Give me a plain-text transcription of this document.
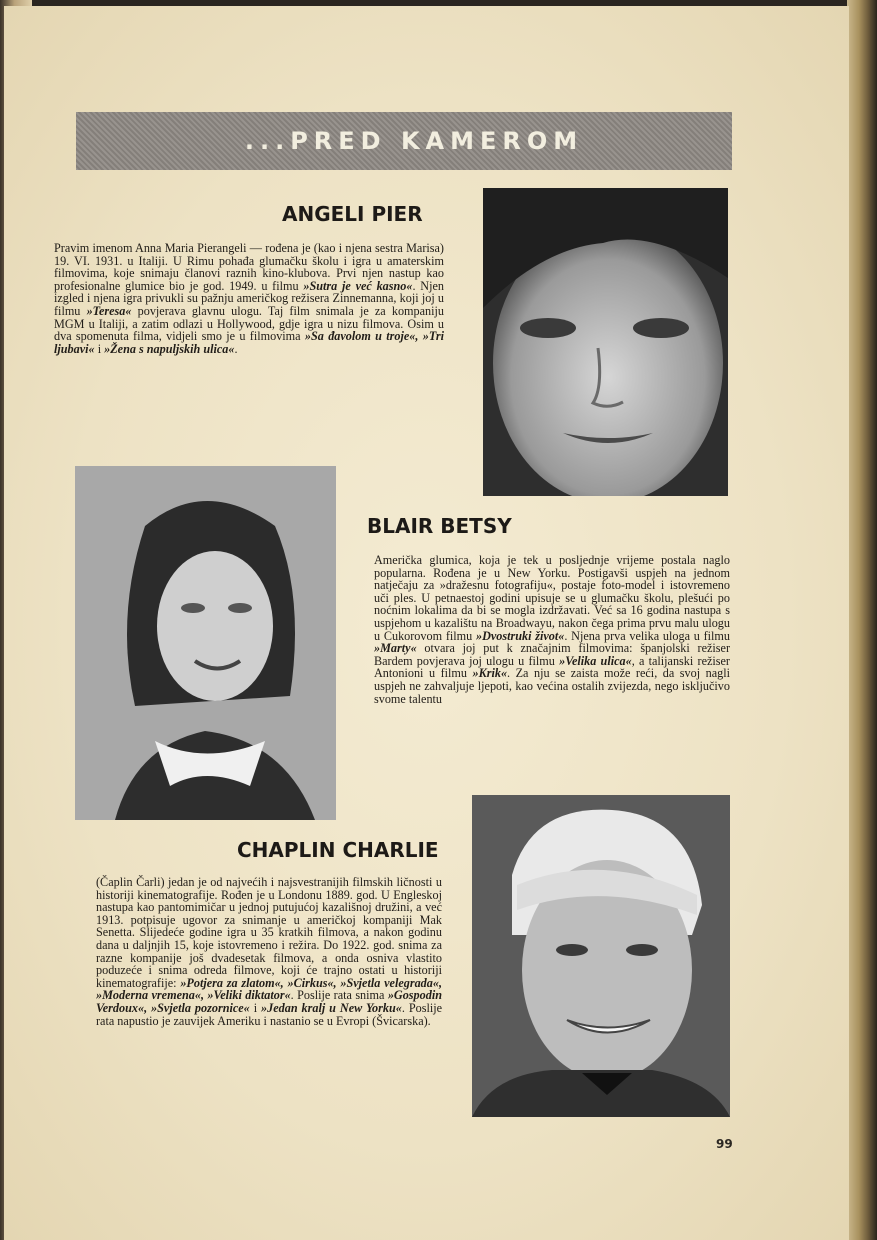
...PRED KAMEROM
ANGELI PIER

Pravim imenom Anna Maria Pierangeli — rođena je (kao i njena sestra Marisa) 19. VI. 1931. u Italiji. U Rimu pohađa glumačku školu i igra u amaterskim filmovima, koje snimaju članovi raznih kino-klubova. Prvi njen nastup kao profesionalne glumice bio je god. 1949. u filmu »Sutra je već kasno«. Njen izgled i njena igra privukli su pažnju američkog režisera Zinnemanna, koji joj u filmu »Teresa« povjerava glavnu ulogu. Taj film snimala je za kompaniju MGM u Italiji, a zatim odlazi u Hollywood, gdje igra u nizu filmova. Osim u dva spomenuta filma, vidjeli smo je u filmovima »Sa đavolom u troje«, »Tri ljubavi« i »Žena s napuljskih ulica«.

BLAIR BETSY

Američka glumica, koja je tek u posljednje vrijeme postala naglo popularna. Rođena je u New Yorku. Postigavši uspjeh na jednom natječaju za »dražesnu fotografiju«, postaje foto-model i istovremeno uči ples. U petnaestoj godini upisuje se u glumačku školu, plešući po noćnim lokalima da bi se mogla izdržavati. Već sa 16 godina nastupa s uspjehom u kazalištu na Broadwayu, nakon čega prima prvu malu ulogu u Cukorovom filmu »Dvostruki život«. Njena prva velika uloga u filmu »Marty« otvara joj put k značajnim filmovima: španjolski režiser Bardem povjerava joj ulogu u filmu »Velika ulica«, a talijanski režiser Antonioni u filmu »Krik«. Za nju se zaista može reći, da svoj nagli uspjeh ne zahvaljuje ljepoti, kao većina ostalih zvijezda, nego isključivo svome talentu

CHAPLIN CHARLIE

(Čaplin Čarli) jedan je od najvećih i najsvestranijih filmskih ličnosti u historiji kinematografije. Rođen je u Londonu 1889. god. U Engleskoj nastupa kao pantomimičar u jednoj putujućoj kazališnoj družini, a već 1913. potpisuje ugovor za snimanje u američkoj kompaniji Mak Senetta. Slijedeće godine igra u 35 kratkih filmova, a nakon godinu dana u daljnjih 15, koje istovremeno i režira. Do 1922. god. snima za razne kompanije još dvadesetak filmova, a onda osniva vlastito poduzeće i snima odreda filmove, koji će trajno ostati u historiji kinematografije: »Potjera za zlatom«, »Cirkus«, »Svjetla velegrada«, »Moderna vremena«, »Veliki diktator«. Poslije rata snima »Gospodin Verdoux«, »Svjetla pozornice« i »Jedan kralj u New Yorku«. Poslije rata napustio je zauvijek Ameriku i nastanio se u Evropi (Švicarska).

99
